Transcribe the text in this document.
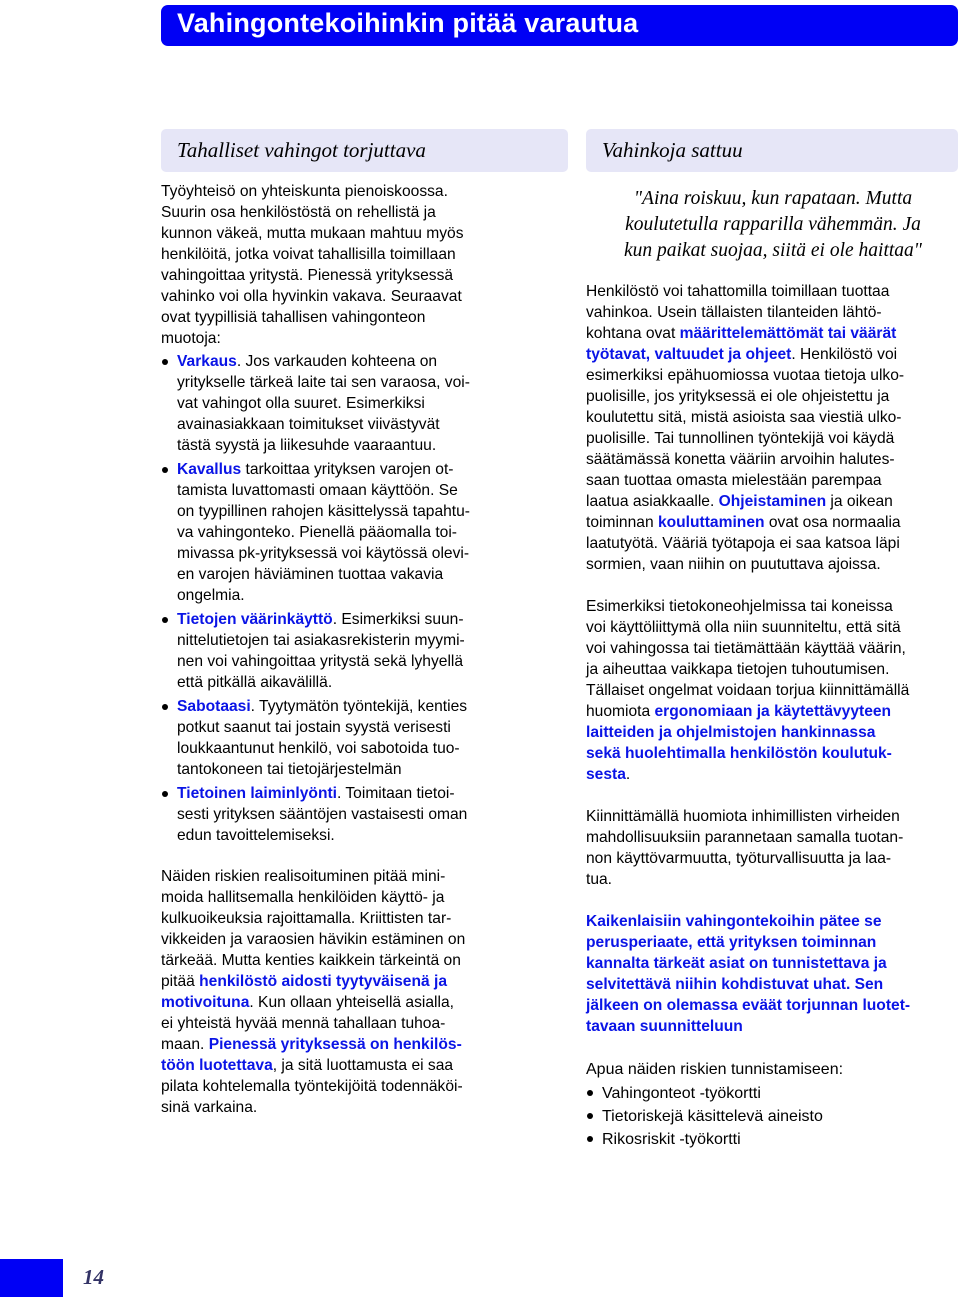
Vahingontekoihinkin pitää varautua
Tahalliset vahingot torjuttava	Vahinkoja sattuu

Työyhteisö on yhteiskunta pienoiskoossa.
Suurin osa henkilöstöstä on rehellistä ja
kunnon väkeä, mutta mukaan mahtuu myös
henkilöitä, jotka voivat tahallisilla toimillaan
vahingoittaa yritystä. Pienessä yrityksessä
vahinko voi olla hyvinkin vakava. Seuraavat
ovat tyypillisiä tahallisen vahingonteon
muotoja:

Varkaus. Jos varkauden kohteena on
yritykselle tärkeä laite tai sen varaosa, voi-
vat vahingot olla suuret. Esimerkiksi
avainasiakkaan toimitukset viivästyvät
tästä syystä ja liikesuhde vaaraantuu.
Kavallus tarkoittaa yrityksen varojen ot-
tamista luvattomasti omaan käyttöön. Se
on tyypillinen rahojen käsittelyssä tapahtu-
va vahingonteko. Pienellä pääomalla toi-
mivassa pk-yrityksessä voi käytössä olevi-
en varojen häviäminen tuottaa vakavia
ongelmia.
Tietojen väärinkäyttö. Esimerkiksi suun-
nittelutietojen tai asiakasrekisterin myymi-
nen voi vahingoittaa yritystä sekä lyhyellä
että pitkällä aikavälillä.
Sabotaasi. Tyytymätön työntekijä, kenties
potkut saanut tai jostain syystä verisesti
loukkaantunut henkilö, voi sabotoida tuo-
tantokoneen tai tietojärjestelmän
Tietoinen laiminlyönti. Toimitaan tietoi-
sesti yrityksen sääntöjen vastaisesti oman
edun tavoittelemiseksi.

Näiden riskien realisoituminen pitää mini-
moida hallitsemalla henkilöiden käyttö- ja
kulkuoikeuksia rajoittamalla. Kriittisten tar-
vikkeiden ja varaosien hävikin estäminen on
tärkeää. Mutta kenties kaikkein tärkeintä on
pitää henkilöstö aidosti tyytyväisenä ja
motivoituna. Kun ollaan yhteisellä asialla,
ei yhteistä hyvää mennä tahallaan tuhoa-
maan. Pienessä yrityksessä on henkilös-
töön luotettava, ja sitä luottamusta ei saa
pilata kohtelemalla työntekijöitä todennäköi-
sinä varkaina.

"Aina roiskuu, kun rapataan. Mutta
koulutetulla rapparilla vähemmän. Ja
kun paikat suojaa, siitä ei ole haittaa"

Henkilöstö voi tahattomilla toimillaan tuottaa
vahinkoa. Usein tällaisten tilanteiden lähtö-
kohtana ovat määrittelemättömät tai väärät
työtavat, valtuudet ja ohjeet. Henkilöstö voi
esimerkiksi epähuomiossa vuotaa tietoja ulko-
puolisille, jos yrityksessä ei ole ohjeistettu ja
koulutettu sitä, mistä asioista saa viestiä ulko-
puolisille. Tai tunnollinen työntekijä voi käydä
säätämässä konetta vääriin arvoihin halutes-
saan tuottaa omasta mielestään parempaa
laatua asiakkaalle. Ohjeistaminen ja oikean
toiminnan kouluttaminen ovat osa normaalia
laatutyötä. Vääriä työtapoja ei saa katsoa läpi
sormien, vaan niihin on puututtava ajoissa.

Esimerkiksi tietokoneohjelmissa tai koneissa
voi käyttöliittymä olla niin suunniteltu, että sitä
voi vahingossa tai tietämättään käyttää väärin,
ja aiheuttaa vaikkapa tietojen tuhoutumisen.
Tällaiset ongelmat voidaan torjua kiinnittämällä
huomiota ergonomiaan ja käytettävyyteen
laitteiden ja ohjelmistojen hankinnassa
sekä huolehtimalla henkilöstön koulutuk-
sesta.

Kiinnittämällä huomiota inhimillisten virheiden
mahdollisuuksiin parannetaan samalla tuotan-
non käyttövarmuutta, työturvallisuutta ja laa-
tua.

Kaikenlaisiin vahingontekoihin pätee se
perusperiaate, että yrityksen toiminnan
kannalta tärkeät asiat on tunnistettava ja
selvitettävä niihin kohdistuvat uhat. Sen
jälkeen on olemassa eväät torjunnan luotet-
tavaan suunnitteluun

Apua näiden riskien tunnistamiseen:

Vahingonteot -työkortti
Tietoriskejä käsittelevä aineisto
Rikosriskit -työkortti
14
